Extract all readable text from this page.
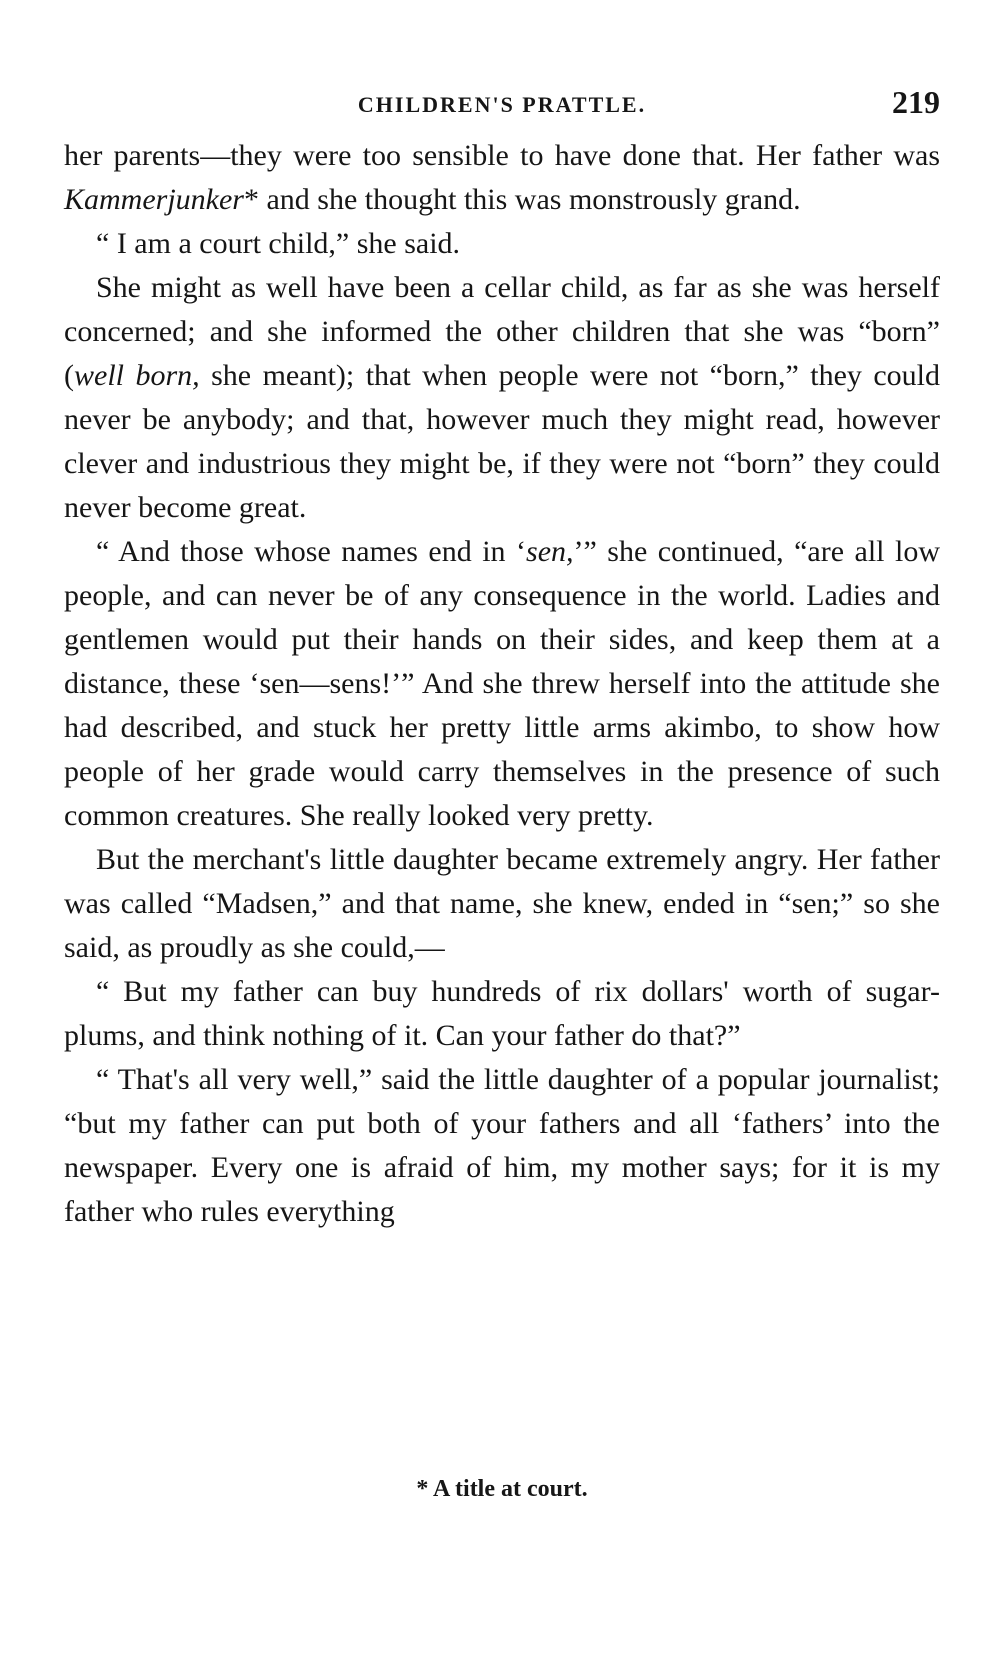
CHILDREN'S PRATTLE.	219

her parents—they were too sensible to have done that. Her father was Kammerjunker* and she thought this was monstrously grand.

“ I am a court child,” she said.

She might as well have been a cellar child, as far as she was herself concerned; and she informed the other children that she was “born” (well born, she meant); that when people were not “born,” they could never be anybody; and that, however much they might read, however clever and industrious they might be, if they were not “born” they could never become great.

“ And those whose names end in ‘sen,’” she continued, “are all low people, and can never be of any consequence in the world. Ladies and gentlemen would put their hands on their sides, and keep them at a distance, these ‘sen—sens!’” And she threw herself into the attitude she had described, and stuck her pretty little arms akimbo, to show how people of her grade would carry themselves in the presence of such common creatures. She really looked very pretty.

But the merchant's little daughter became extremely angry. Her father was called “Madsen,” and that name, she knew, ended in “sen;” so she said, as proudly as she could,—

“ But my father can buy hundreds of rix dollars' worth of sugar-plums, and think nothing of it. Can your father do that?”

“ That's all very well,” said the little daughter of a popular journalist; “but my father can put both of your fathers and all ‘fathers’ into the newspaper. Every one is afraid of him, my mother says; for it is my father who rules everything

* A title at court.
